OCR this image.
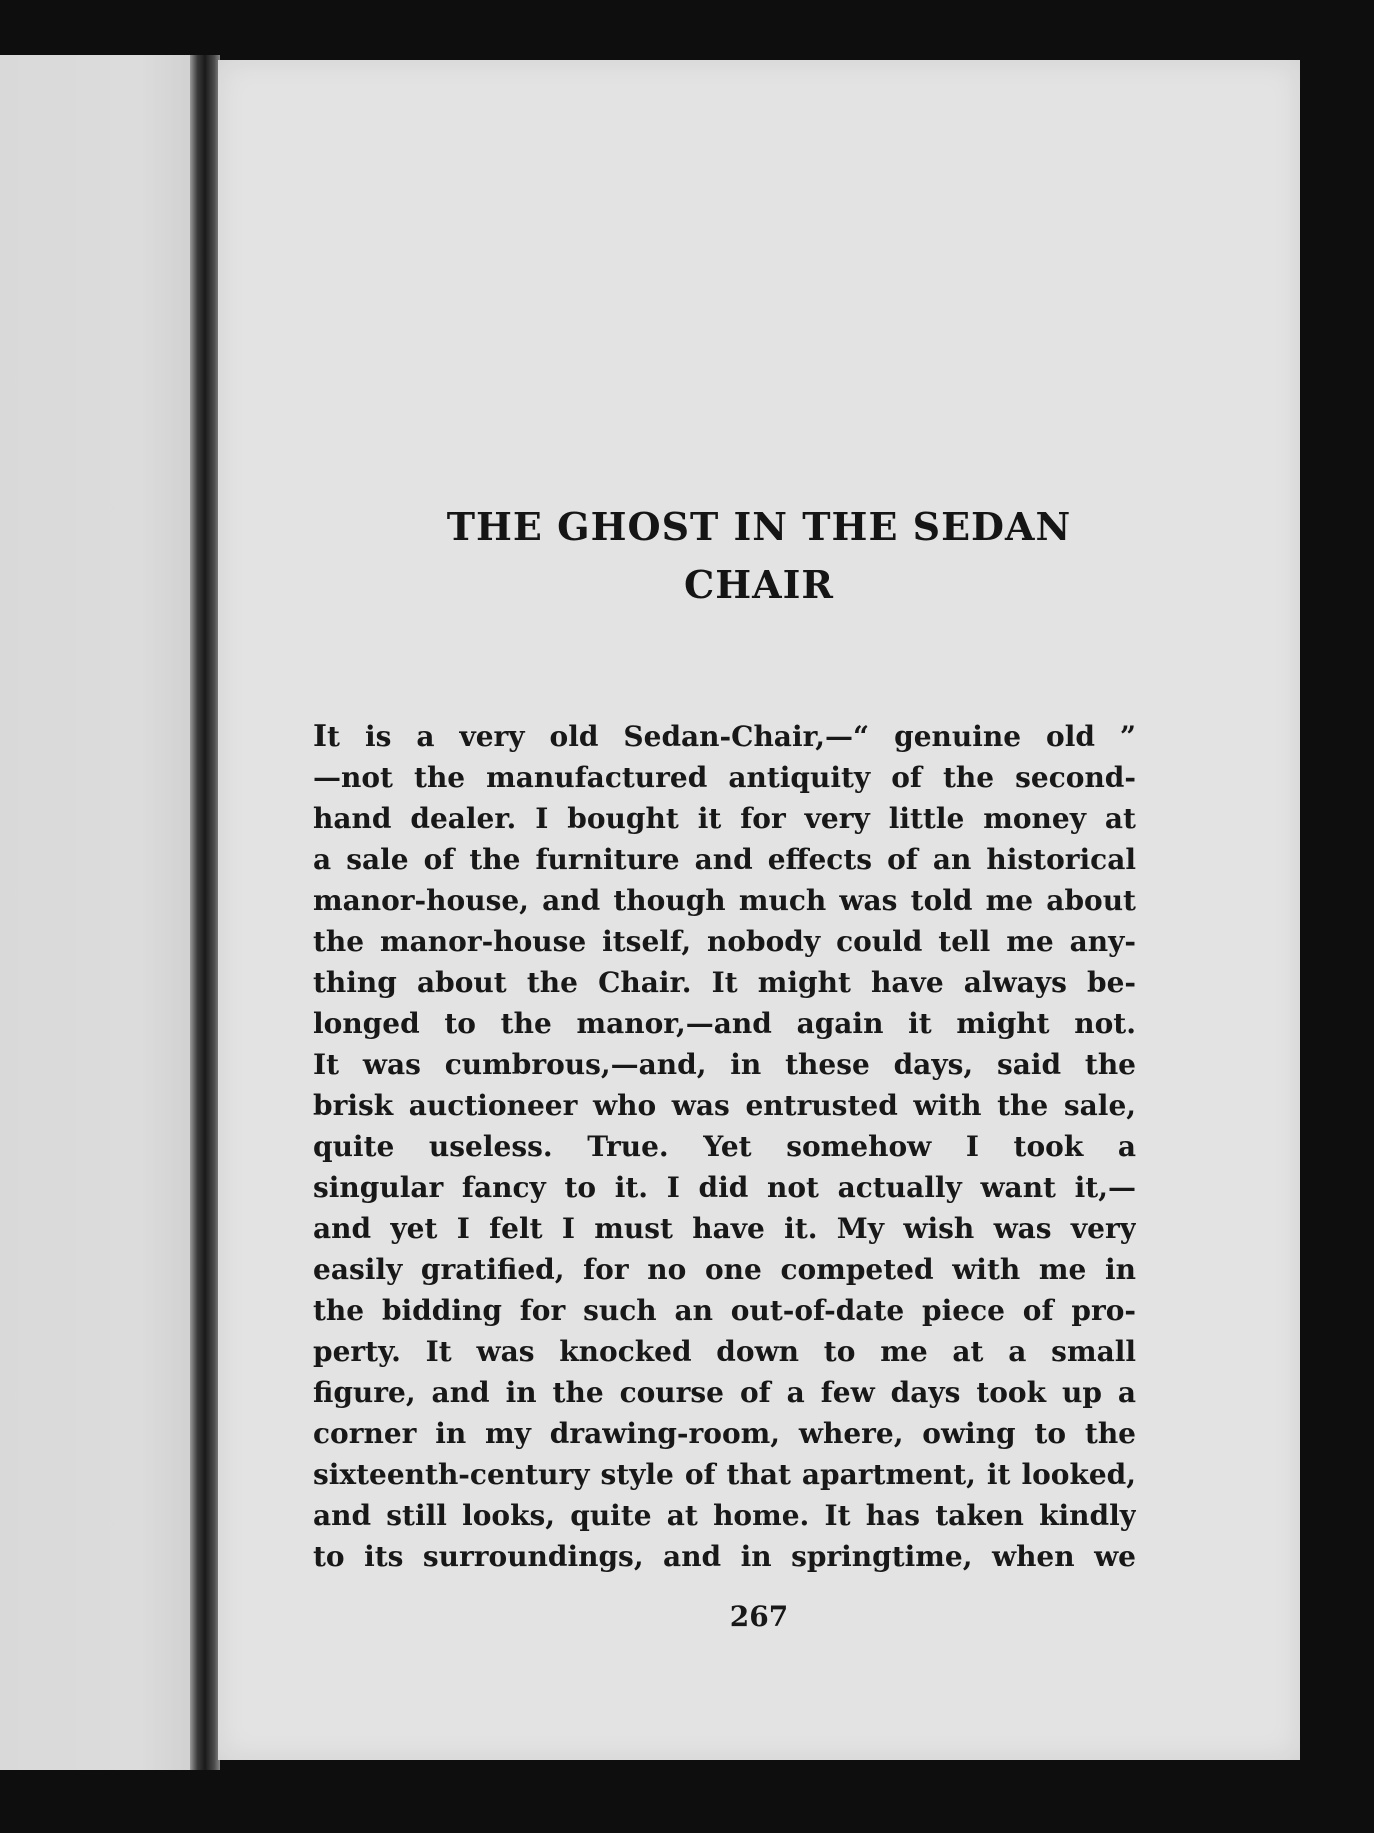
THE GHOST IN THE SEDAN
CHAIR
It is a very old Sedan-Chair,—“ genuine old ”
—not the manufactured antiquity of the second-
hand dealer. I bought it for very little money at
a sale of the furniture and effects of an historical
manor-house, and though much was told me about
the manor-house itself, nobody could tell me any-
thing about the Chair. It might have always be-
longed to the manor,—and again it might not.
It was cumbrous,—and, in these days, said the
brisk auctioneer who was entrusted with the sale,
quite useless. True. Yet somehow I took a
singular fancy to it. I did not actually want it,—
and yet I felt I must have it. My wish was very
easily gratified, for no one competed with me in
the bidding for such an out-of-date piece of pro-
perty. It was knocked down to me at a small
figure, and in the course of a few days took up a
corner in my drawing-room, where, owing to the
sixteenth-century style of that apartment, it looked,
and still looks, quite at home. It has taken kindly
to its surroundings, and in springtime, when we
267
